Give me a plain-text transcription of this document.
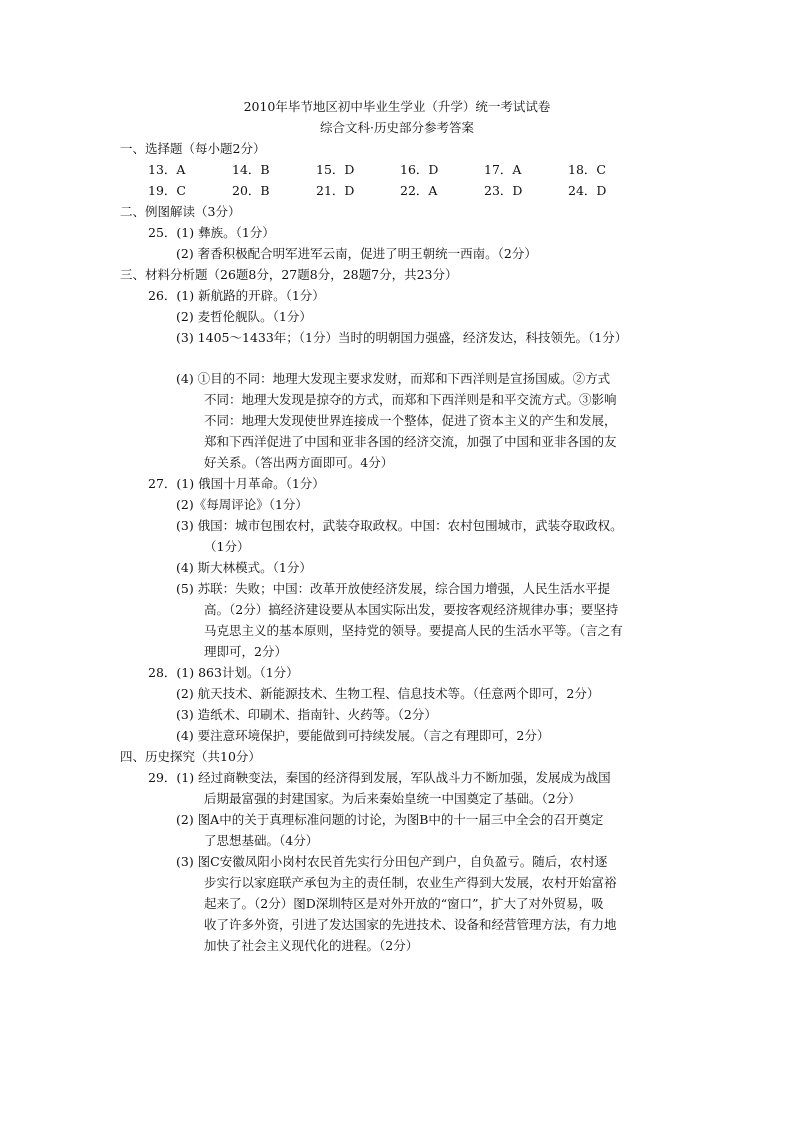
2010年毕节地区初中毕业生学业（升学）统一考试试卷
综合文科·历史部分参考答案
一、选择题（每小题2分）
13．A	14．B	15．D	16．D	17．A	18．C
19．C	20．B	21．D	22．A	23．D	24．D
二、例图解读（3分）
25．(1) 彝族。（1分）
(2) 奢香积极配合明军进军云南，促进了明王朝统一西南。（2分）
三、材料分析题（26题8分，27题8分，28题7分，共23分）
26．(1) 新航路的开辟。（1分）
(2) 麦哲伦舰队。（1分）
(3) 1405～1433年；（1分）当时的明朝国力强盛，经济发达，科技领先。（1分）
(4) ①目的不同：地理大发现主要求发财，而郑和下西洋则是宣扬国威。②方式
不同：地理大发现是掠夺的方式，而郑和下西洋则是和平交流方式。③影响
不同：地理大发现使世界连接成一个整体，促进了资本主义的产生和发展，
郑和下西洋促进了中国和亚非各国的经济交流，加强了中国和亚非各国的友
好关系。（答出两方面即可。4分）
27．(1) 俄国十月革命。（1分）
(2)《每周评论》（1分）
(3) 俄国：城市包围农村，武装夺取政权。中国：农村包围城市，武装夺取政权。
（1分）
(4) 斯大林模式。（1分）
(5) 苏联：失败；中国：改革开放使经济发展，综合国力增强，人民生活水平提
高。（2分）搞经济建设要从本国实际出发，要按客观经济规律办事；要坚持
马克思主义的基本原则，坚持党的领导。要提高人民的生活水平等。（言之有
理即可，2分）
28．(1) 863计划。（1分）
(2) 航天技术、新能源技术、生物工程、信息技术等。（任意两个即可，2分）
(3) 造纸术、印刷术、指南针、火药等。（2分）
(4) 要注意环境保护，要能做到可持续发展。（言之有理即可，2分）
四、历史探究（共10分）
29．(1) 经过商鞅变法，秦国的经济得到发展，军队战斗力不断加强，发展成为战国
后期最富强的封建国家。为后来秦始皇统一中国奠定了基础。（2分）
(2) 图A中的关于真理标准问题的讨论，为图B中的十一届三中全会的召开奠定
了思想基础。（4分）
(3) 图C安徽凤阳小岗村农民首先实行分田包产到户，自负盈亏。随后，农村逐
步实行以家庭联产承包为主的责任制，农业生产得到大发展，农村开始富裕
起来了。（2分）图D深圳特区是对外开放的“窗口”，扩大了对外贸易，吸
收了许多外资，引进了发达国家的先进技术、设备和经营管理方法，有力地
加快了社会主义现代化的进程。（2分）
